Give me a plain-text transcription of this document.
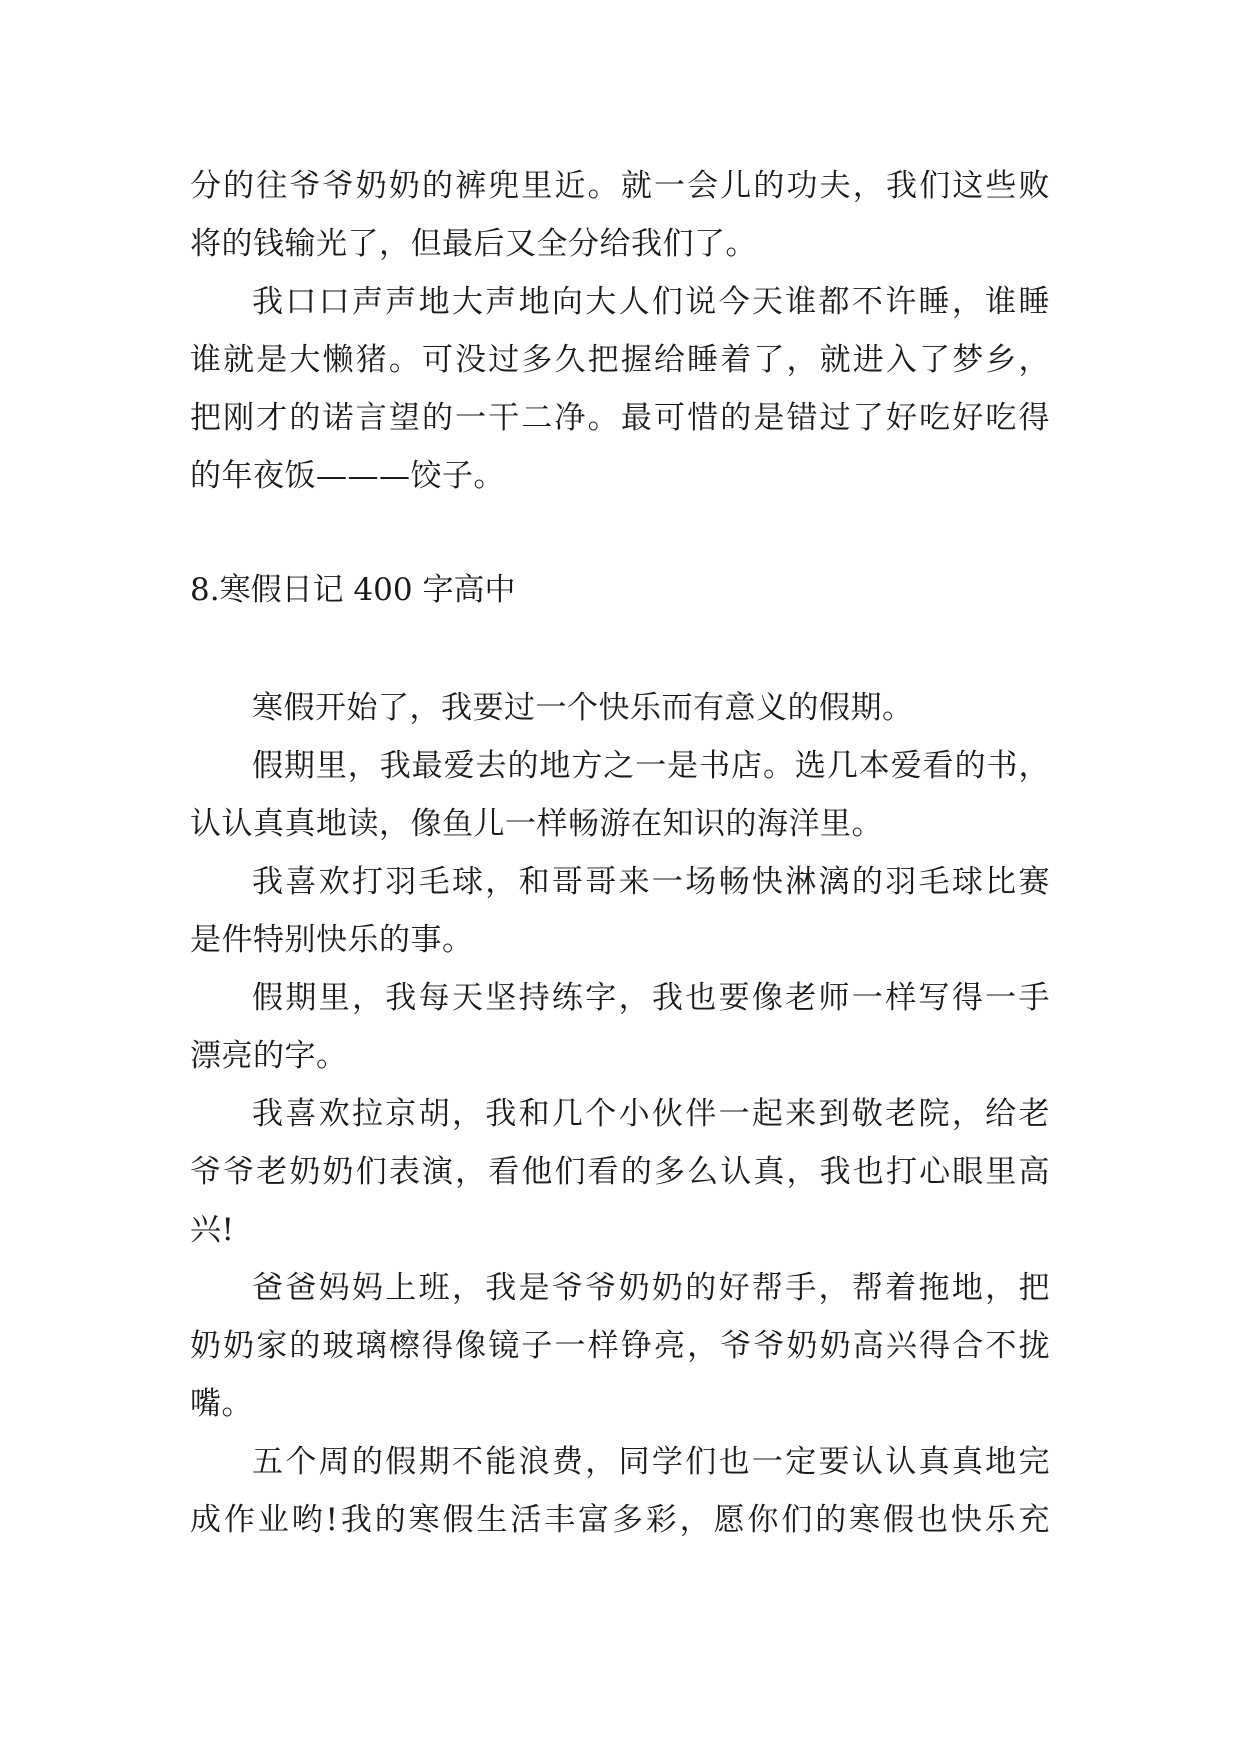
分的往爷爷奶奶的裤兜里近。就一会儿的功夫，我们这些败
将的钱输光了，但最后又全分给我们了。
我口口声声地大声地向大人们说今天谁都不许睡，谁睡
谁就是大懒猪。可没过多久把握给睡着了，就进入了梦乡，
把刚才的诺言望的一干二净。最可惜的是错过了好吃好吃得
的年夜饭———饺子。
8.寒假日记 400 字高中
寒假开始了，我要过一个快乐而有意义的假期。
假期里，我最爱去的地方之一是书店。选几本爱看的书，
认认真真地读，像鱼儿一样畅游在知识的海洋里。
我喜欢打羽毛球，和哥哥来一场畅快淋漓的羽毛球比赛
是件特别快乐的事。
假期里，我每天坚持练字，我也要像老师一样写得一手
漂亮的字。
我喜欢拉京胡，我和几个小伙伴一起来到敬老院，给老
爷爷老奶奶们表演，看他们看的多么认真，我也打心眼里高
兴!
爸爸妈妈上班，我是爷爷奶奶的好帮手，帮着拖地，把
奶奶家的玻璃檫得像镜子一样铮亮，爷爷奶奶高兴得合不拢
嘴。
五个周的假期不能浪费，同学们也一定要认认真真地完
成作业哟!我的寒假生活丰富多彩，愿你们的寒假也快乐充
